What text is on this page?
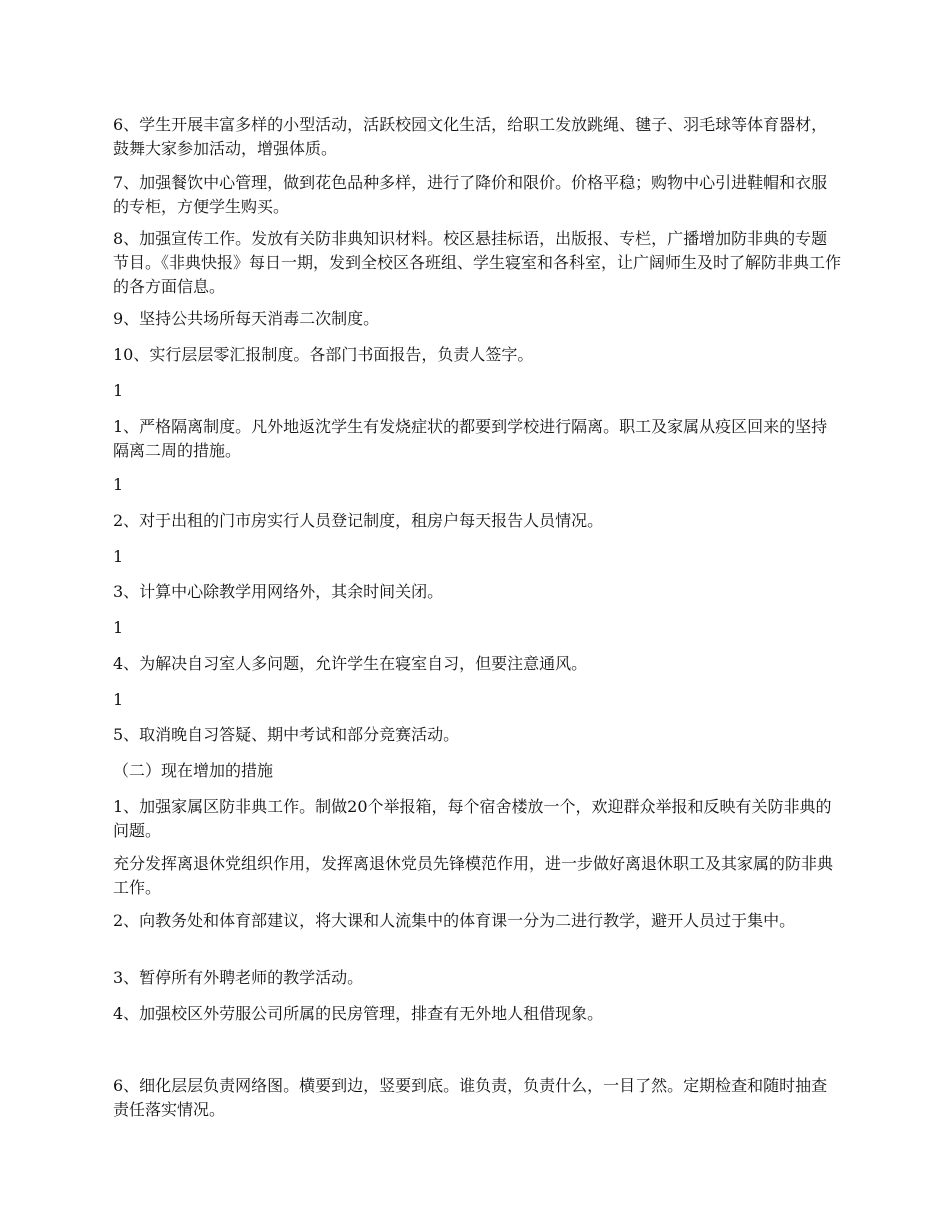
6、学生开展丰富多样的小型活动，活跃校园文化生活，给职工发放跳绳、毽子、羽毛球等体育器材，鼓舞大家参加活动，增强体质。

7、加强餐饮中心管理，做到花色品种多样，进行了降价和限价。价格平稳；购物中心引进鞋帽和衣服的专柜，方便学生购买。

8、加强宣传工作。发放有关防非典知识材料。校区悬挂标语，出版报、专栏，广播增加防非典的专题节目。《非典快报》每日一期，发到全校区各班组、学生寝室和各科室，让广阔师生及时了解防非典工作的各方面信息。

9、坚持公共场所每天消毒二次制度。

10、实行层层零汇报制度。各部门书面报告，负责人签字。

1

1、严格隔离制度。凡外地返沈学生有发烧症状的都要到学校进行隔离。职工及家属从疫区回来的坚持隔离二周的措施。

1

2、对于出租的门市房实行人员登记制度，租房户每天报告人员情况。

1

3、计算中心除教学用网络外，其余时间关闭。

1

4、为解决自习室人多问题，允许学生在寝室自习，但要注意通风。

1

5、取消晚自习答疑、期中考试和部分竞赛活动。

（二）现在增加的措施

1、加强家属区防非典工作。制做20个举报箱，每个宿舍楼放一个，欢迎群众举报和反映有关防非典的问题。

充分发挥离退休党组织作用，发挥离退休党员先锋模范作用，进一步做好离退休职工及其家属的防非典工作。

2、向教务处和体育部建议，将大课和人流集中的体育课一分为二进行教学，避开人员过于集中。

3、暂停所有外聘老师的教学活动。

4、加强校区外劳服公司所属的民房管理，排查有无外地人租借现象。

6、细化层层负责网络图。横要到边，竖要到底。谁负责，负责什么，一目了然。定期检查和随时抽查责任落实情况。
